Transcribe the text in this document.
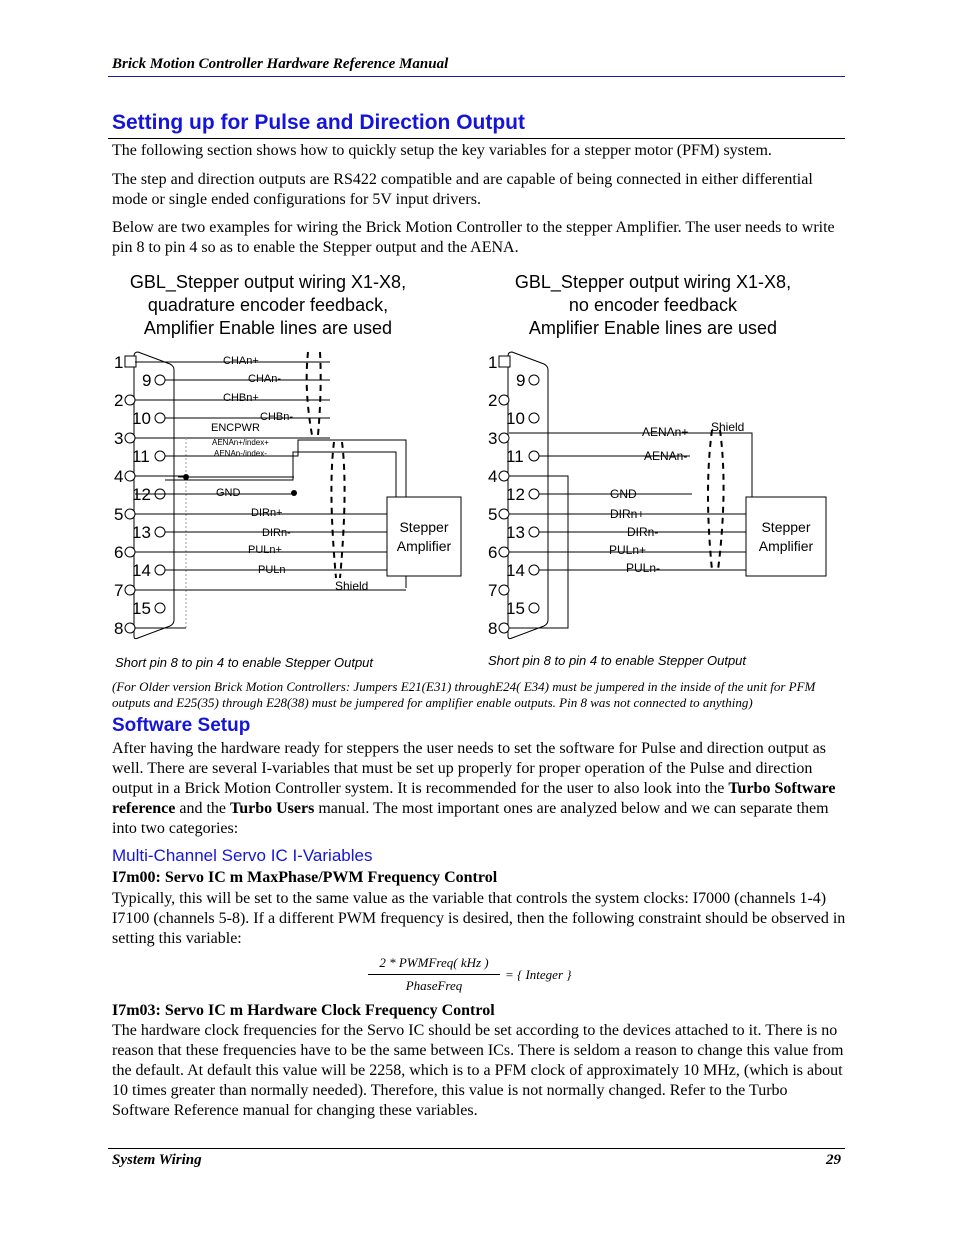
Brick Motion Controller Hardware Reference Manual
Setting up for Pulse and Direction Output
The following section shows how to quickly setup the key variables for a stepper motor (PFM) system.
The step and direction outputs are RS422 compatible and are capable of being connected in either differential mode or single ended configurations for 5V input drivers.
Below are two examples for wiring the Brick Motion Controller to the stepper Amplifier. The user needs to write pin 8 to pin 4 so as to enable the Stepper output and the AENA.
GBL_Stepper output wiring X1-X8,
quadrature encoder feedback,
Amplifier Enable lines are used
GBL_Stepper output wiring X1-X8,
no encoder feedback
Amplifier Enable lines are used
1
2
3
4
5
6
7
8
9
10
11
12
13
14
15
CHAn+
CHAn-
CHBn+
CHBn-
ENCPWR
AENAn+/index+
AENAn-/index-
GND
DIRn+
DIRn-
PULn+
PULn-
Shield
Stepper
Amplifier
1
2
3
4
5
6
7
8
9
10
11
12
13
14
15
AENAn+
AENAn-
GND
DIRn+
DIRn-
PULn+
PULn-
Shield
Stepper
Amplifier
Short pin 8 to pin 4 to enable Stepper Output	Short pin 8 to pin 4 to enable Stepper Output
(For Older version Brick Motion Controllers: Jumpers E21(E31) throughE24( E34) must be jumpered in the inside of the unit for PFM outputs and E25(35) through E28(38) must be jumpered for amplifier enable outputs. Pin 8 was not connected to anything)
Software Setup
After having the hardware ready for steppers the user needs to set the software for Pulse and direction output as well. There are several I-variables that must be set up properly for proper operation of the Pulse and direction output in a Brick Motion Controller system. It is recommended for the user to also look into the Turbo Software reference and the Turbo Users manual. The most important ones are analyzed below and we can separate them into two categories:
Multi-Channel Servo IC I-Variables
I7m00: Servo IC m MaxPhase/PWM Frequency Control
Typically, this will be set to the same value as the variable that controls the system clocks: I7000 (channels 1-4) I7100 (channels 5-8). If a different PWM frequency is desired, then the following constraint should be observed in setting this variable:
2 * PWMFreq( kHz )
PhaseFreq
= { Integer }
I7m03: Servo IC m Hardware Clock Frequency Control
The hardware clock frequencies for the Servo IC should be set according to the devices attached to it. There is no reason that these frequencies have to be the same between ICs. There is seldom a reason to change this value from the default. At default this value will be 2258, which is to a PFM clock of approximately 10 MHz, (which is about 10 times greater than normally needed). Therefore, this value is not normally changed. Refer to the Turbo Software Reference manual for changing these variables.
System Wiring	29
